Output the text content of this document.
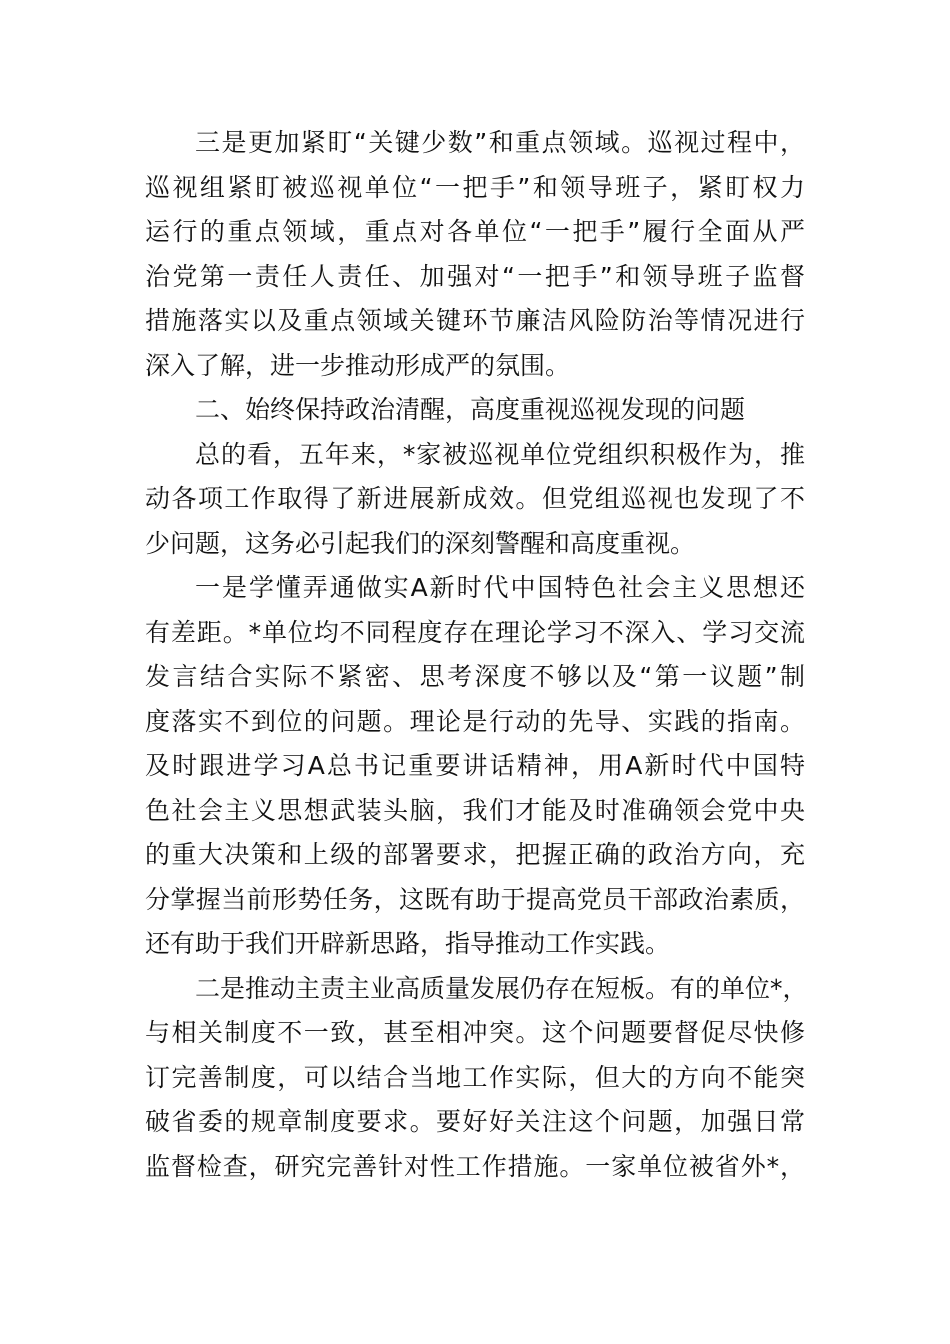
三是更加紧盯“关键少数”和重点领域。巡视过程中，
巡视组紧盯被巡视单位“一把手”和领导班子，紧盯权力
运行的重点领域，重点对各单位“一把手”履行全面从严
治党第一责任人责任、加强对“一把手”和领导班子监督
措施落实以及重点领域关键环节廉洁风险防治等情况进行
深入了解，进一步推动形成严的氛围。
二、始终保持政治清醒，高度重视巡视发现的问题
总的看，五年来，*家被巡视单位党组织积极作为，推
动各项工作取得了新进展新成效。但党组巡视也发现了不
少问题，这务必引起我们的深刻警醒和高度重视。
一是学懂弄通做实A新时代中国特色社会主义思想还
有差距。*单位均不同程度存在理论学习不深入、学习交流
发言结合实际不紧密、思考深度不够以及“第一议题”制
度落实不到位的问题。理论是行动的先导、实践的指南。
及时跟进学习A总书记重要讲话精神，用A新时代中国特
色社会主义思想武装头脑，我们才能及时准确领会党中央
的重大决策和上级的部署要求，把握正确的政治方向，充
分掌握当前形势任务，这既有助于提高党员干部政治素质，
还有助于我们开辟新思路，指导推动工作实践。
二是推动主责主业高质量发展仍存在短板。有的单位*，
与相关制度不一致，甚至相冲突。这个问题要督促尽快修
订完善制度，可以结合当地工作实际，但大的方向不能突
破省委的规章制度要求。要好好关注这个问题，加强日常
监督检查，研究完善针对性工作措施。一家单位被省外*，
